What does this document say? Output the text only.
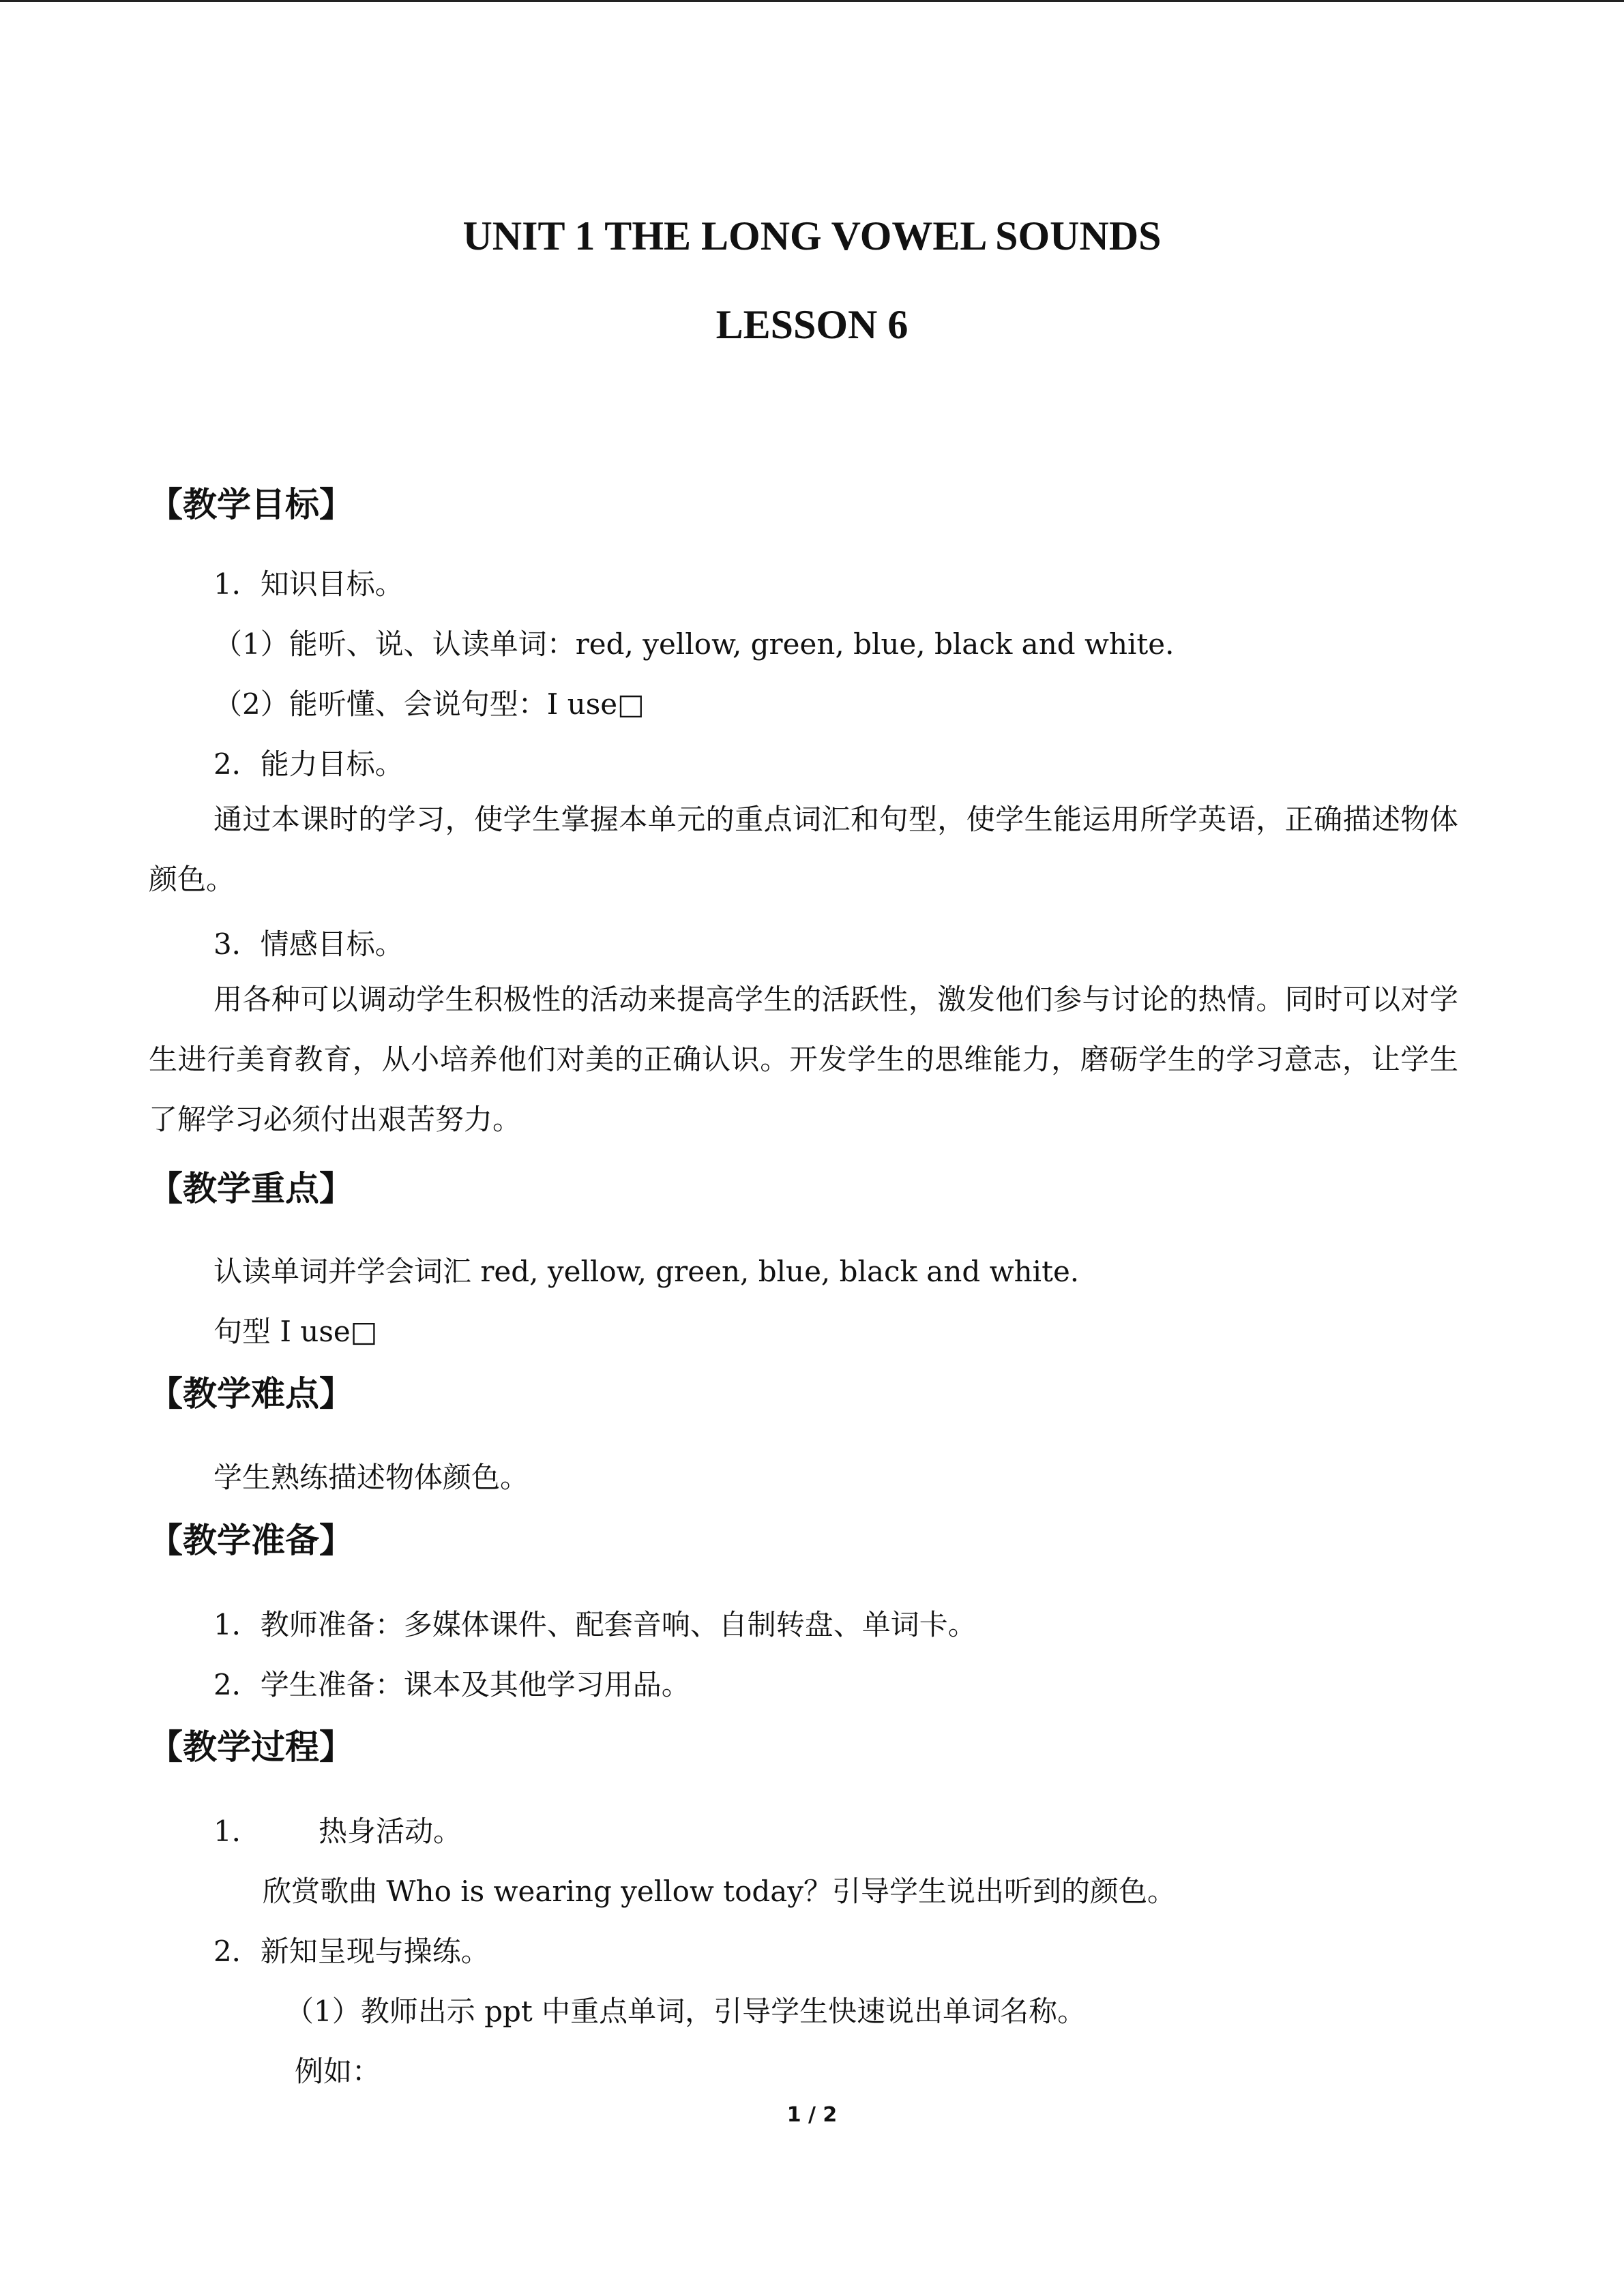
UNIT 1 THE LONG VOWEL SOUNDS
LESSON 6
【教学目标】
1．知识目标。
（1）能听、说、认读单词：red, yellow, green, blue, black and white.
（2）能听懂、会说句型：I use□
2．能力目标。
通过本课时的学习，使学生掌握本单元的重点词汇和句型，使学生能运用所学英语，正确描述物体颜色。
3．情感目标。
用各种可以调动学生积极性的活动来提高学生的活跃性，激发他们参与讨论的热情。同时可以对学生进行美育教育，从小培养他们对美的正确认识。开发学生的思维能力，磨砺学生的学习意志，让学生了解学习必须付出艰苦努力。
【教学重点】
认读单词并学会词汇 red, yellow, green, blue, black and white.
句型 I use□
【教学难点】
学生熟练描述物体颜色。
【教学准备】
1．教师准备：多媒体课件、配套音响、自制转盘、单词卡。
2．学生准备：课本及其他学习用品。
【教学过程】
1． 热身活动。
欣赏歌曲 Who is wearing yellow today？引导学生说出听到的颜色。
2．新知呈现与操练。
（1）教师出示 ppt 中重点单词，引导学生快速说出单词名称。
例如：
1 / 2
